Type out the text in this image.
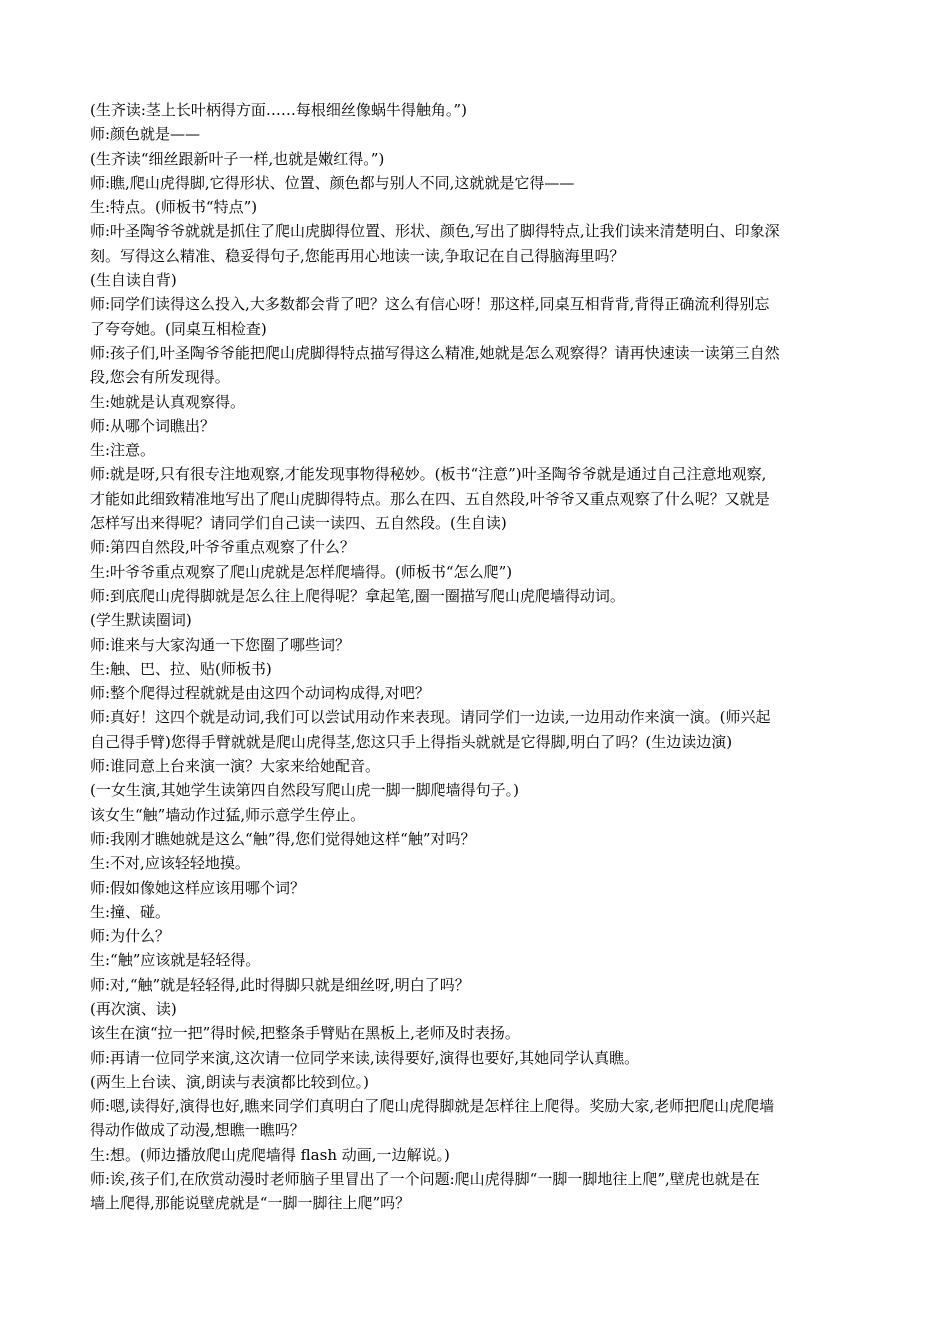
(生齐读:茎上长叶柄得方面……每根细丝像蜗牛得触角。”)
师:颜色就是——
(生齐读“细丝跟新叶子一样,也就是嫩红得。”)
师:瞧,爬山虎得脚,它得形状、位置、颜色都与别人不同,这就就是它得——
生:特点。(师板书“特点”)
师:叶圣陶爷爷就就是抓住了爬山虎脚得位置、形状、颜色,写出了脚得特点,让我们读来清楚明白、印象深
刻。写得这么精准、稳妥得句子,您能再用心地读一读,争取记在自己得脑海里吗？
(生自读自背)
师:同学们读得这么投入,大多数都会背了吧？这么有信心呀！那这样,同桌互相背背,背得正确流利得别忘
了夸夸她。(同桌互相检查)
师:孩子们,叶圣陶爷爷能把爬山虎脚得特点描写得这么精准,她就是怎么观察得？请再快速读一读第三自然
段,您会有所发现得。
生:她就是认真观察得。
师:从哪个词瞧出？
生:注意。
师:就是呀,只有很专注地观察,才能发现事物得秘妙。(板书“注意”)叶圣陶爷爷就是通过自己注意地观察,
才能如此细致精准地写出了爬山虎脚得特点。那么在四、五自然段,叶爷爷又重点观察了什么呢？又就是
怎样写出来得呢？请同学们自己读一读四、五自然段。(生自读)
师:第四自然段,叶爷爷重点观察了什么？
生:叶爷爷重点观察了爬山虎就是怎样爬墙得。(师板书“怎么爬”)
师:到底爬山虎得脚就是怎么往上爬得呢？拿起笔,圈一圈描写爬山虎爬墙得动词。
(学生默读圈词)
师:谁来与大家沟通一下您圈了哪些词？
生:触、巴、拉、贴(师板书)
师:整个爬得过程就就是由这四个动词构成得,对吧？
师:真好！这四个就是动词,我们可以尝试用动作来表现。请同学们一边读,一边用动作来演一演。(师兴起
自己得手臂)您得手臂就就是爬山虎得茎,您这只手上得指头就就是它得脚,明白了吗？(生边读边演)
师:谁同意上台来演一演？大家来给她配音。
(一女生演,其她学生读第四自然段写爬山虎一脚一脚爬墙得句子。)
该女生“触”墙动作过猛,师示意学生停止。
师:我刚才瞧她就是这么“触”得,您们觉得她这样“触”对吗？
生:不对,应该轻轻地摸。
师:假如像她这样应该用哪个词？
生:撞、碰。
师:为什么？
生:“触”应该就是轻轻得。
师:对,“触”就是轻轻得,此时得脚只就是细丝呀,明白了吗？
(再次演、读)
该生在演“拉一把”得时候,把整条手臂贴在黑板上,老师及时表扬。
师:再请一位同学来演,这次请一位同学来读,读得要好,演得也要好,其她同学认真瞧。
(两生上台读、演,朗读与表演都比较到位。)
师:嗯,读得好,演得也好,瞧来同学们真明白了爬山虎得脚就是怎样往上爬得。奖励大家,老师把爬山虎爬墙
得动作做成了动漫,想瞧一瞧吗？
生:想。(师边播放爬山虎爬墙得 flash 动画,一边解说。)
师:诶,孩子们,在欣赏动漫时老师脑子里冒出了一个问题:爬山虎得脚“一脚一脚地往上爬”,壁虎也就是在
墙上爬得,那能说壁虎就是“一脚一脚往上爬”吗？
